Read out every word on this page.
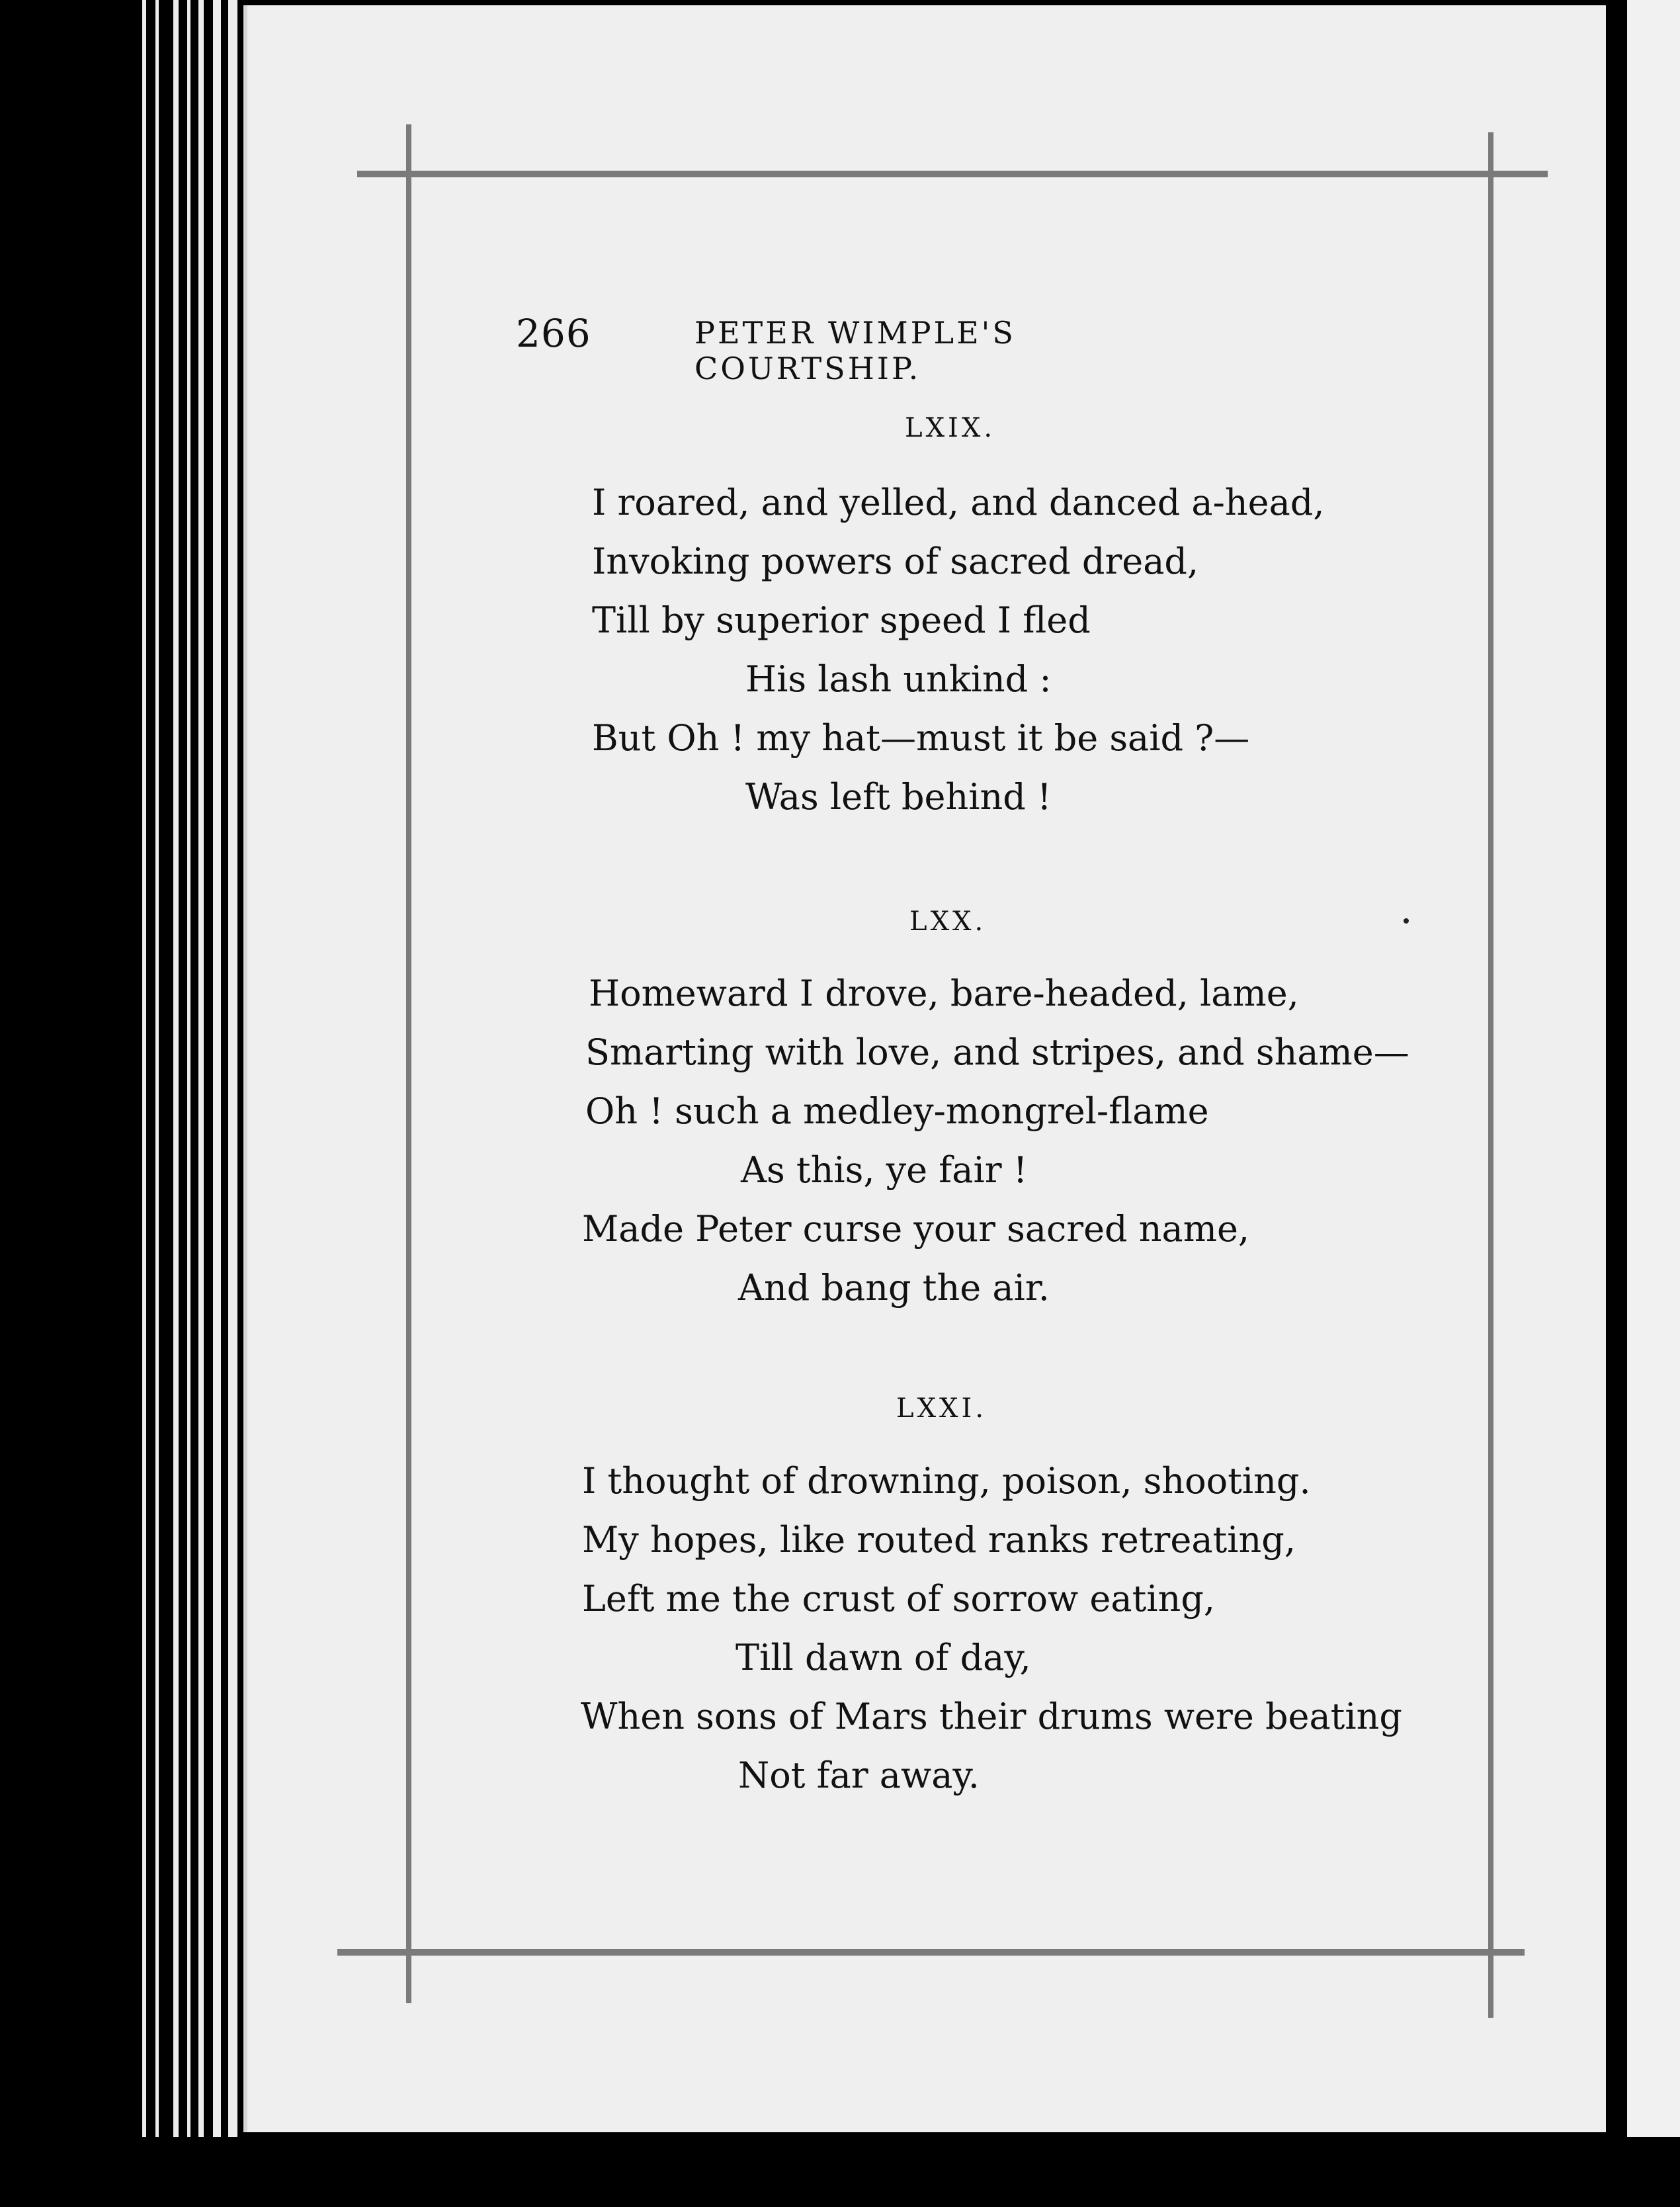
266	PETER WIMPLE'S COURTSHIP.
LXIX.
I roared, and yelled, and danced a-head,
Invoking powers of sacred dread,
Till by superior speed I fled
His lash unkind :
But Oh ! my hat—must it be said ?—
Was left behind !
LXX.
Homeward I drove, bare-headed, lame,
Smarting with love, and stripes, and shame—
Oh ! such a medley-mongrel-flame
As this, ye fair !
Made Peter curse your sacred name,
And bang the air.
LXXI.
I thought of drowning, poison, shooting.
My hopes, like routed ranks retreating,
Left me the crust of sorrow eating,
Till dawn of day,
When sons of Mars their drums were beating
Not far away.
